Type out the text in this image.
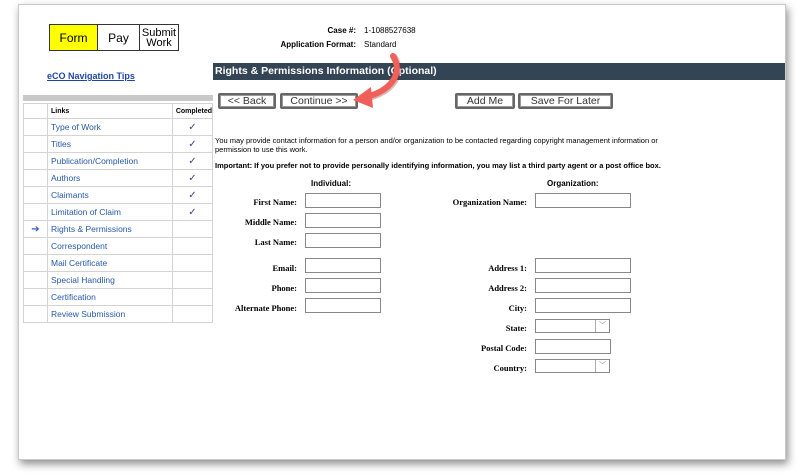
Form	Pay	Submit
Work
eCO Navigation Tips
Case #:	1-1088527638
Application Format:	Standard
	Links	Completed
	Type of Work	✓
	Titles	✓
	Publication/Completion	✓
	Authors	✓
	Claimants	✓
	Limitation of Claim	✓
➔	Rights & Permissions	
	Correspondent	
	Mail Certificate	
	Special Handling	
	Certification	
	Review Submission	
Rights & Permissions Information (Optional)
<< Back	Continue >>	Add Me	Save For Later
You may provide contact information for a person and/or organization to be contacted regarding copyright management information or permission to use this work.
Important: If you prefer not to provide personally identifying information, you may list a third party agent or a post office box.
Individual:	Organization:
First Name:
Middle Name:
Last Name:
Email:
Phone:
Alternate Phone:
Organization Name:
Address 1:
Address 2:
City:
State:	﹀
Postal Code:
Country:	﹀
